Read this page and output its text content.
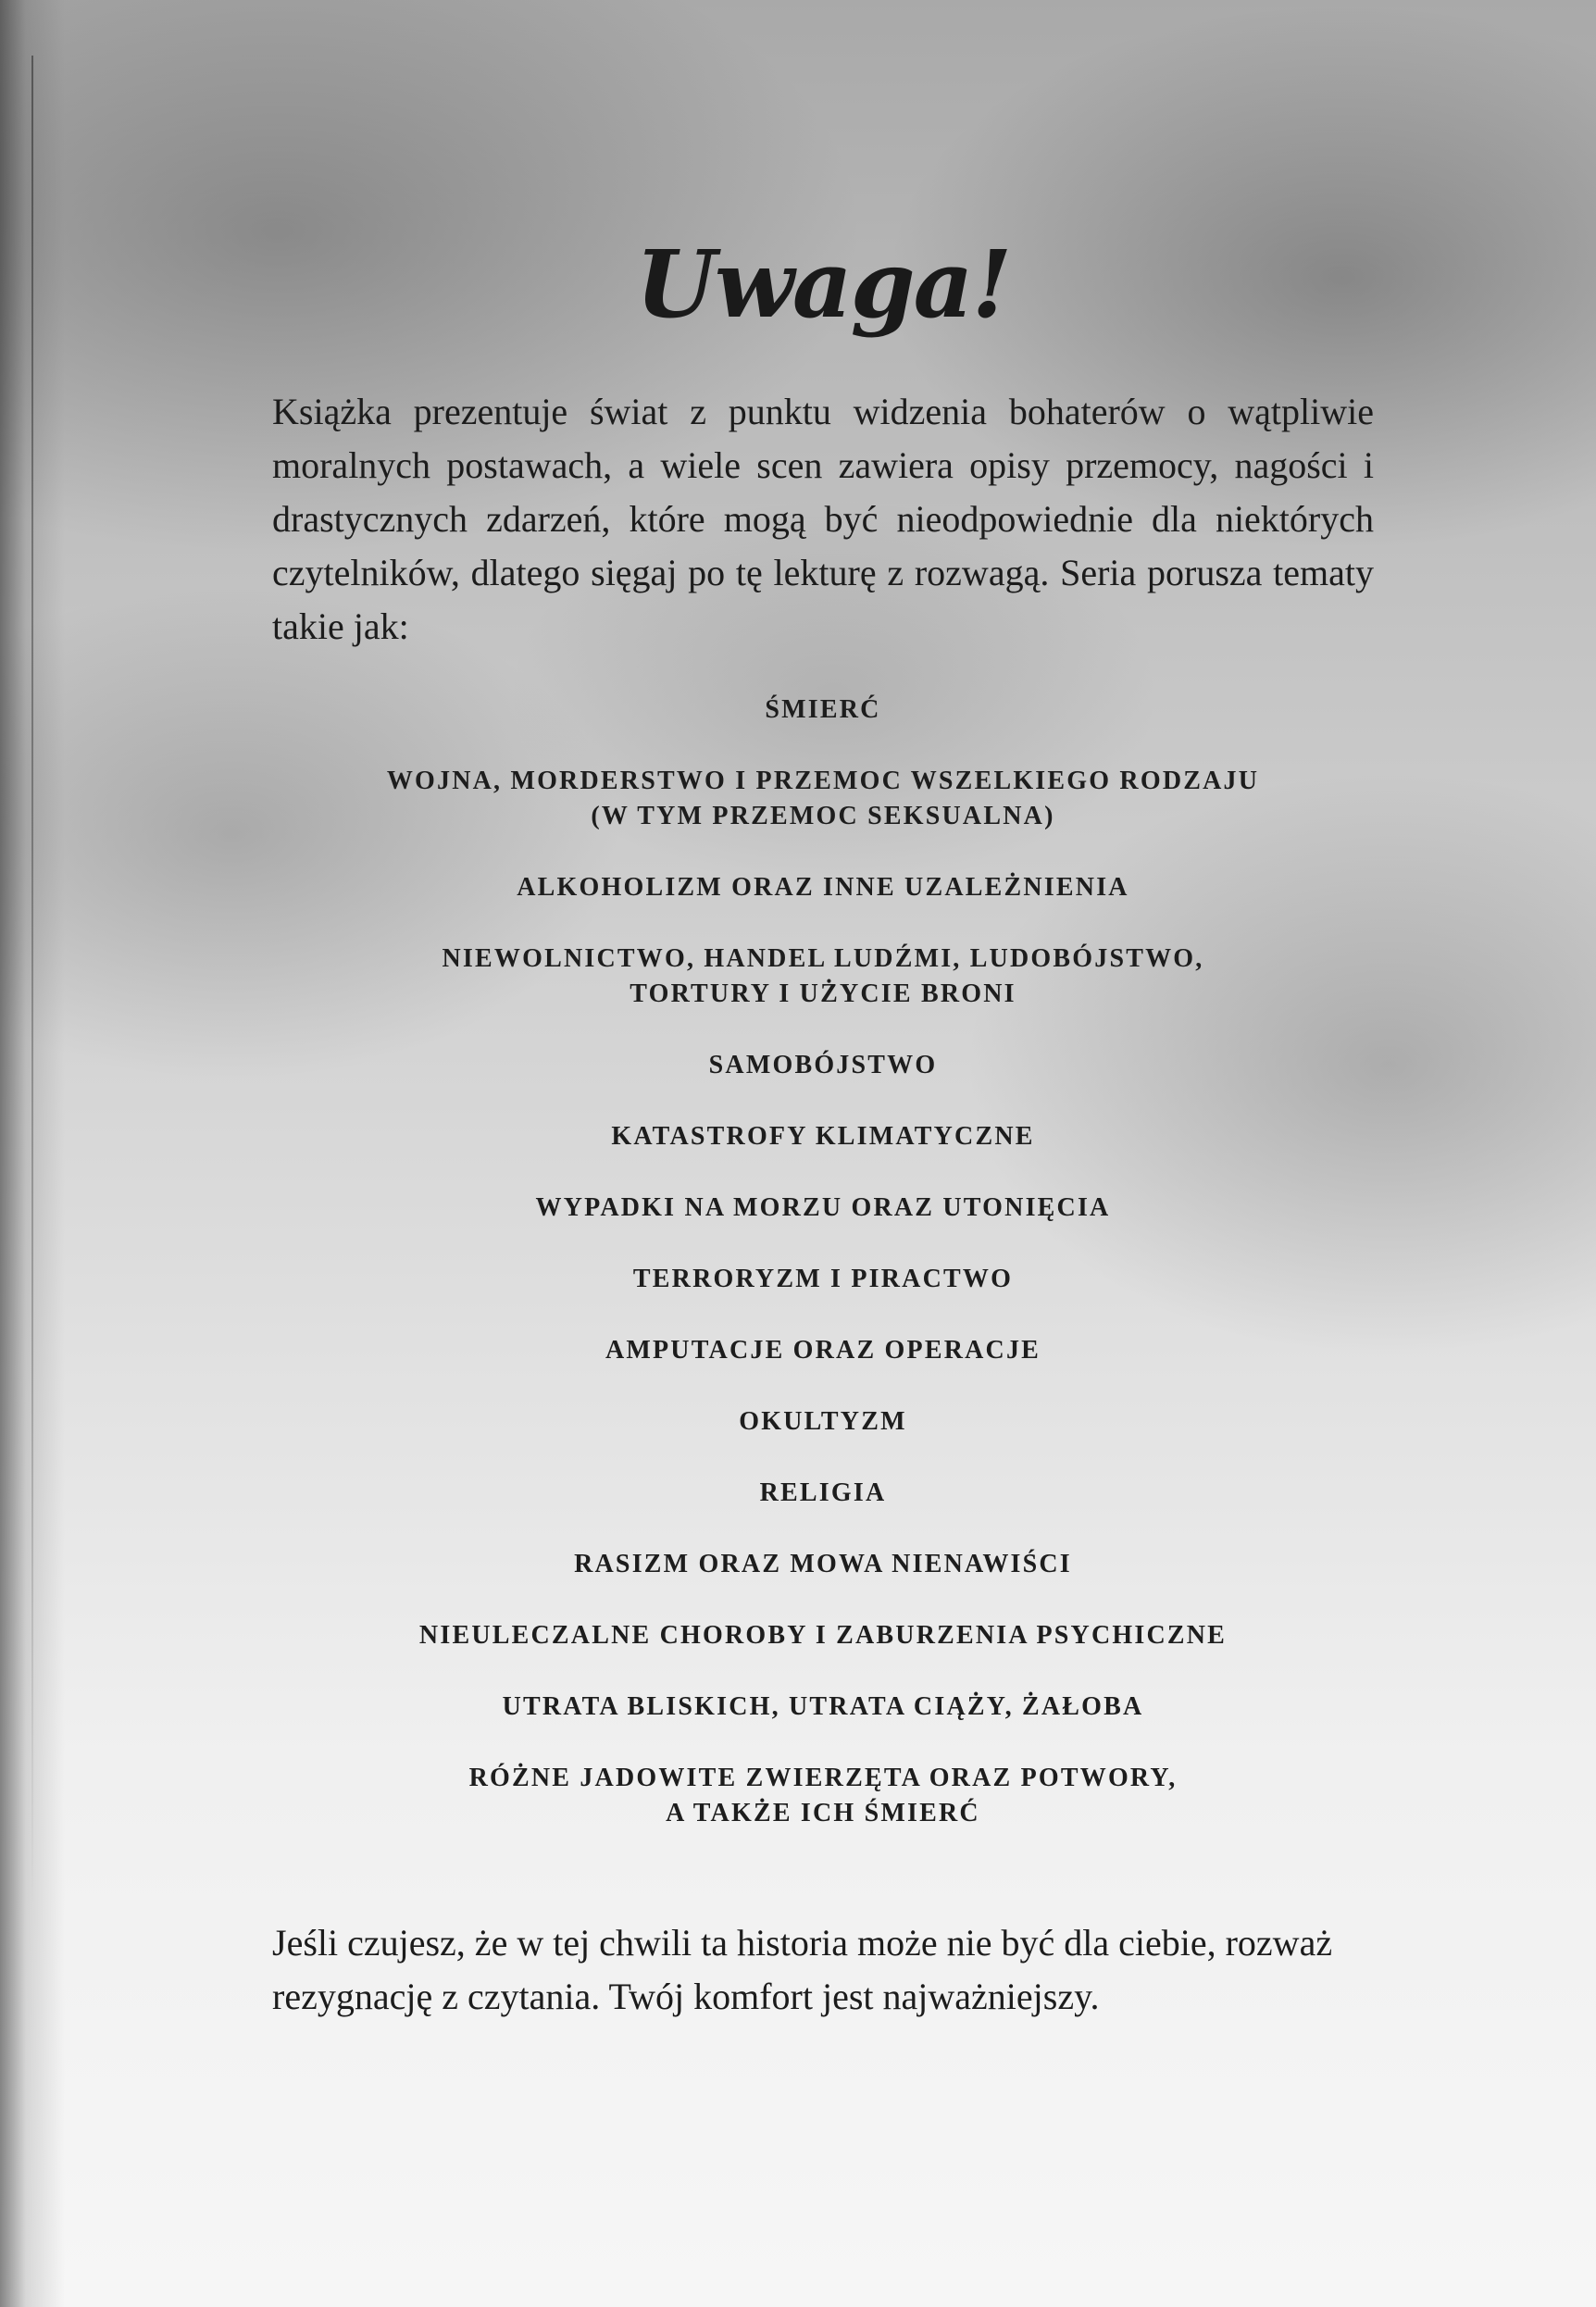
Uwaga!

Książka prezentuje świat z punktu widzenia bohaterów o wątpliwie moralnych postawach, a wiele scen zawiera opisy przemocy, nagości i drastycznych zdarzeń, które mogą być nieodpowiednie dla niektórych czytelników, dlatego sięgaj po tę lekturę z rozwagą. Seria porusza tematy takie jak:

ŚMIERĆ
WOJNA, MORDERSTWO I PRZEMOC WSZELKIEGO RODZAJU
(W TYM PRZEMOC SEKSUALNA)
ALKOHOLIZM ORAZ INNE UZALEŻNIENIA
NIEWOLNICTWO, HANDEL LUDŹMI, LUDOBÓJSTWO,
TORTURY I UŻYCIE BRONI
SAMOBÓJSTWO
KATASTROFY KLIMATYCZNE
WYPADKI NA MORZU ORAZ UTONIĘCIA
TERRORYZM I PIRACTWO
AMPUTACJE ORAZ OPERACJE
OKULTYZM
RELIGIA
RASIZM ORAZ MOWA NIENAWIŚCI
NIEULECZALNE CHOROBY I ZABURZENIA PSYCHICZNE
UTRATA BLISKICH, UTRATA CIĄŻY, ŻAŁOBA
RÓŻNE JADOWITE ZWIERZĘTA ORAZ POTWORY,
A TAKŻE ICH ŚMIERĆ

Jeśli czujesz, że w tej chwili ta historia może nie być dla ciebie, rozważ rezygnację z czytania. Twój komfort jest najważniejszy.
